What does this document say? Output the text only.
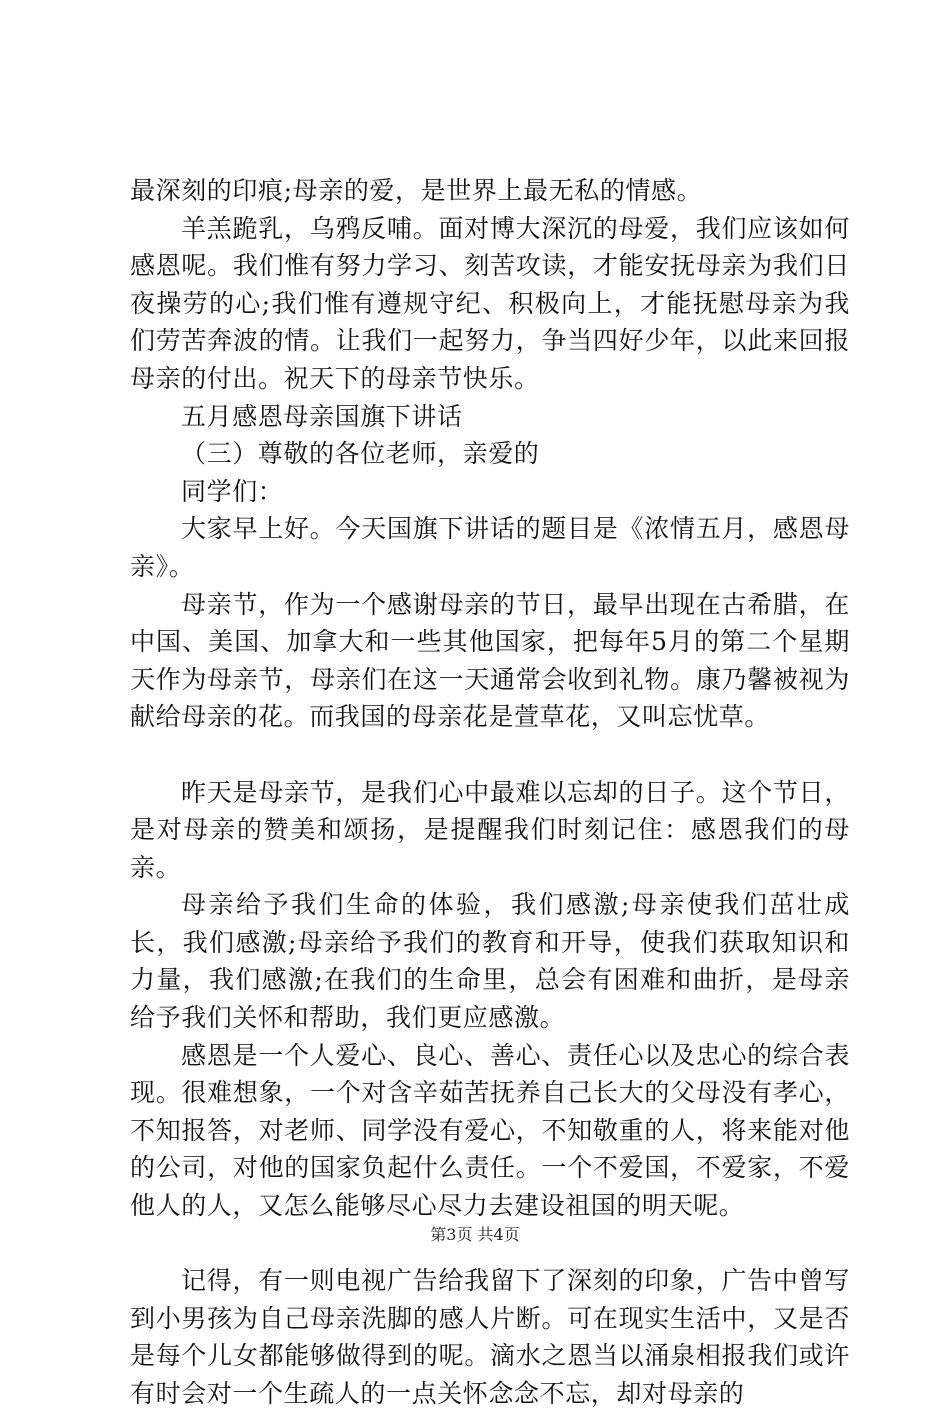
最深刻的印痕;母亲的爱，是世界上最无私的情感。

羊羔跪乳，乌鸦反哺。面对博大深沉的母爱，我们应该如何感恩呢。我们惟有努力学习、刻苦攻读，才能安抚母亲为我们日夜操劳的心;我们惟有遵规守纪、积极向上，才能抚慰母亲为我们劳苦奔波的情。让我们一起努力，争当四好少年，以此来回报母亲的付出。祝天下的母亲节快乐。

五月感恩母亲国旗下讲话

（三）尊敬的各位老师，亲爱的

同学们：

大家早上好。今天国旗下讲话的题目是《浓情五月，感恩母亲》。

母亲节，作为一个感谢母亲的节日，最早出现在古希腊，在中国、美国、加拿大和一些其他国家，把每年5月的第二个星期天作为母亲节，母亲们在这一天通常会收到礼物。康乃馨被视为献给母亲的花。而我国的母亲花是萱草花，又叫忘忧草。

昨天是母亲节，是我们心中最难以忘却的日子。这个节日，是对母亲的赞美和颂扬，是提醒我们时刻记住：感恩我们的母亲。

母亲给予我们生命的体验，我们感激;母亲使我们茁壮成长，我们感激;母亲给予我们的教育和开导，使我们获取知识和力量，我们感激;在我们的生命里，总会有困难和曲折，是母亲给予我们关怀和帮助，我们更应感激。

感恩是一个人爱心、良心、善心、责任心以及忠心的综合表现。很难想象，一个对含辛茹苦抚养自己长大的父母没有孝心，不知报答，对老师、同学没有爱心，不知敬重的人，将来能对他的公司，对他的国家负起什么责任。一个不爱国，不爱家，不爱他人的人，又怎么能够尽心尽力去建设祖国的明天呢。

记得，有一则电视广告给我留下了深刻的印象，广告中曾写到小男孩为自己母亲洗脚的感人片断。可在现实生活中，又是否是每个儿女都能够做得到的呢。滴水之恩当以涌泉相报我们或许有时会对一个生疏人的一点关怀念念不忘，却对母亲的

第3页 共4页
